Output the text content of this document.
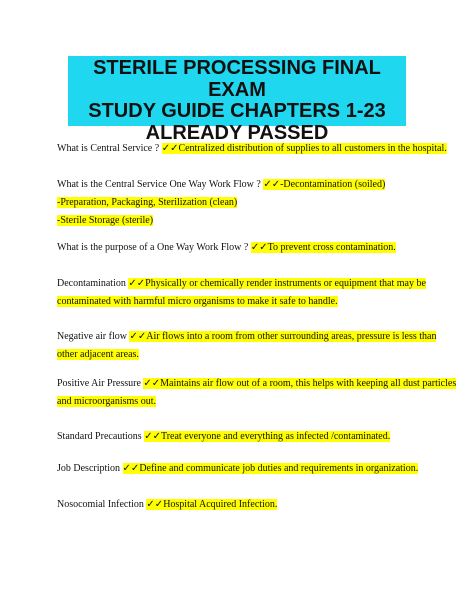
STERILE PROCESSING FINAL EXAM
STUDY GUIDE CHAPTERS 1-23
ALREADY PASSED
What is Central Service ? ✓✓Centralized distribution of supplies to all customers in the hospital.
What is the Central Service One Way Work Flow ? ✓✓-Decontamination (soiled)
-Preparation, Packaging, Sterilization (clean)
-Sterile Storage (sterile)
What is the purpose of a One Way Work Flow ? ✓✓To prevent cross contamination.
Decontamination ✓✓Physically or chemically render instruments or equipment that may be
contaminated with harmful micro organisms to make it safe to handle.
Negative air flow ✓✓Air flows into a room from other surrounding areas, pressure is less than
other adjacent areas.
Positive Air Pressure ✓✓Maintains air flow out of a room, this helps with keeping all dust particles
and microorganisms out.
Standard Precautions ✓✓Treat everyone and everything as infected /contaminated.
Job Description ✓✓Define and communicate job duties and requirements in organization.
Nosocomial Infection ✓✓Hospital Acquired Infection.
